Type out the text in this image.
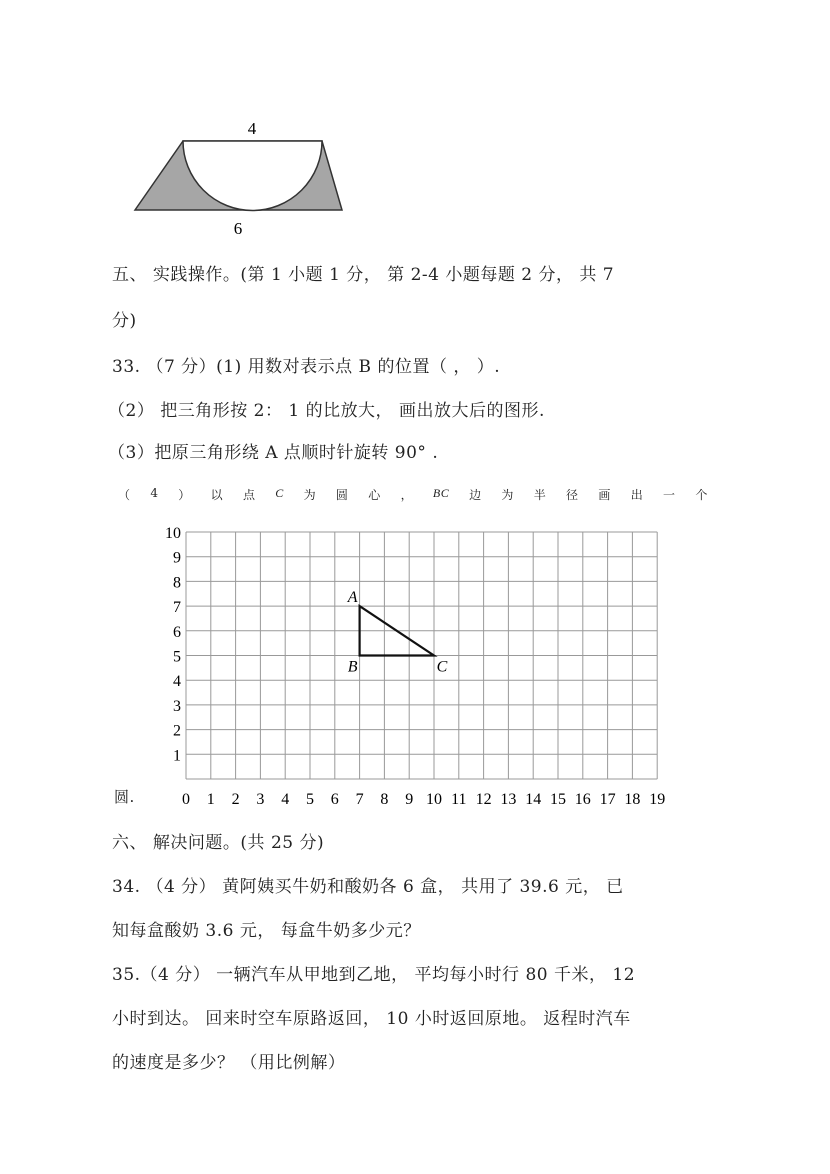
4
6
五、 实践操作。(第 1 小题 1 分， 第 2-4 小题每题 2 分， 共 7
分)
33. （7 分）(1) 用数对表示点 B 的位置（ ， ）.
（2） 把三角形按 2： 1 的比放大， 画出放大后的图形.
（3）把原三角形绕 A 点顺时针旋转 90° .
（ 4 ） 以 点 C 为 圆 心 ， BC 边 为 半 径 画 出 一 个
圆.	0 1 2 3 4 5 6 7 8 9 10 11 12 13 14 15 16 17 18 19
1
2
3
4
5
6
7
8
9
10
A
B	C
六、 解决问题。(共 25 分)
34. （4 分） 黄阿姨买牛奶和酸奶各 6 盒， 共用了 39.6 元， 已
知每盒酸奶 3.6 元， 每盒牛奶多少元？
35.（4 分） 一辆汽车从甲地到乙地， 平均每小时行 80 千米， 12
小时到达。 回来时空车原路返回， 10 小时返回原地。 返程时汽车
的速度是多少？ （用比例解）
